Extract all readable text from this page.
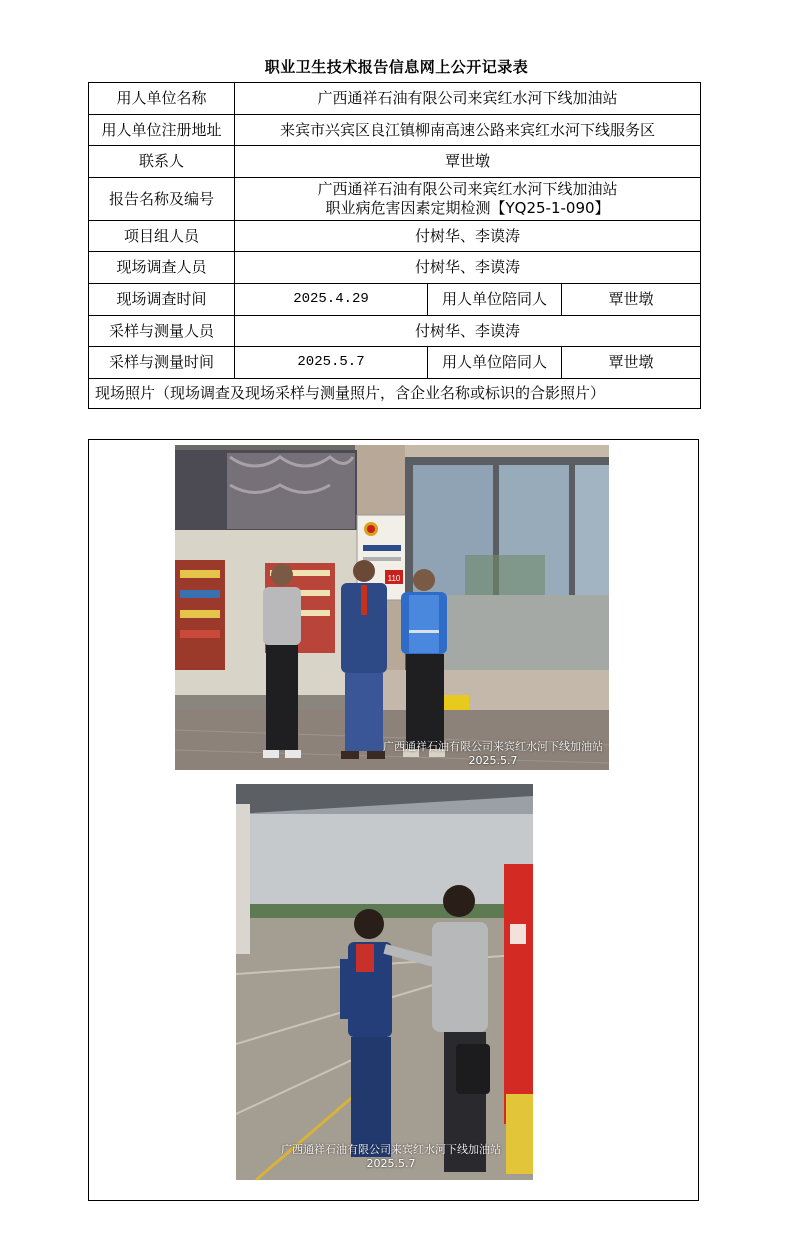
职业卫生技术报告信息网上公开记录表
用人单位名称	广西通祥石油有限公司来宾红水河下线加油站		
用人单位注册地址	来宾市兴宾区良江镇柳南高速公路来宾红水河下线服务区		
联系人	覃世墩		
报告名称及编号	广西通祥石油有限公司来宾红水河下线加油站
职业病危害因素定期检测【YQ25-1-090】		

项目组人员	付树华、李谟涛		
现场调查人员	付树华、李谟涛		
现场调查时间	2025.4.29	用人单位陪同人	覃世墩
采样与测量人员	付树华、李谟涛		
采样与测量时间	2025.5.7	用人单位陪同人	覃世墩
现场照片（现场调查及现场采样与测量照片，含企业名称或标识的合影照片）			
110
广西通祥石油有限公司来宾红水河下线加油站
2025.5.7
广西通祥石油有限公司来宾红水河下线加油站
2025.5.7
